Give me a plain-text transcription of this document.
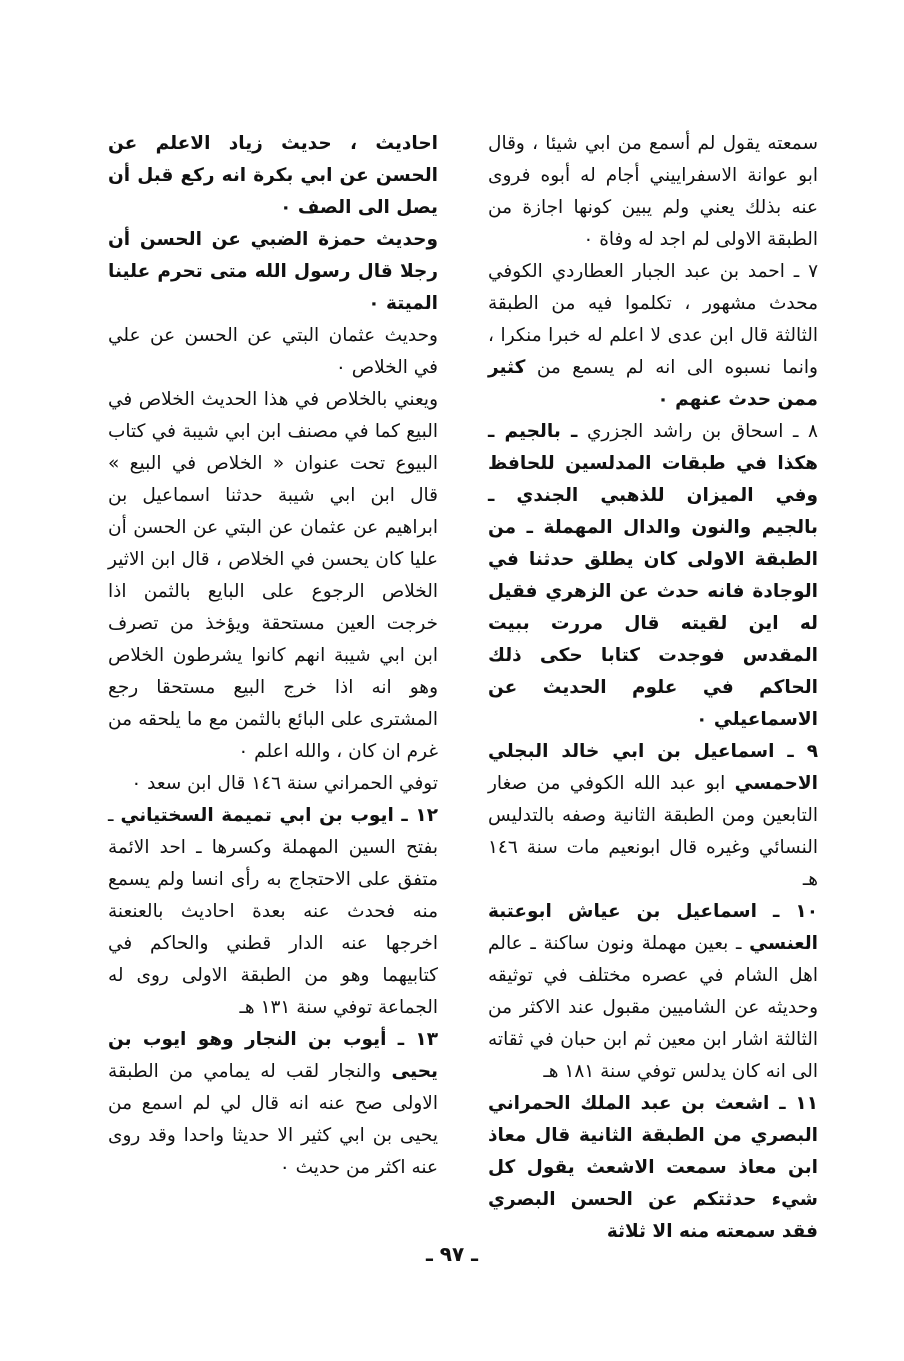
سمعته يقول لم أسمع من ابي شيئا ، وقال ابو عوانة الاسفراييني أجام له أبوه فروى عنه بذلك يعني ولم يبين كونها اجازة من الطبقة الاولى لم اجد له وفاة ٠

٧ ـ احمد بن عبد الجبار العطاردي الكوفي محدث مشهور ، تكلموا فيه من الطبقة الثالثة قال ابن عدى لا اعلم له خبرا منكرا ، وانما نسبوه الى انه لم يسمع من كثير ممن حدث عنهم ٠

٨ ـ اسحاق بن راشد الجزري ـ بالجيم ـ هكذا في طبقات المدلسين للحافظ وفي الميزان للذهبي الجندي ـ بالجيم والنون والدال المهملة ـ من الطبقة الاولى كان يطلق حدثنا في الوجادة فانه حدث عن الزهري فقيل له اين لقيته قال مررت ببيت المقدس فوجدت كتابا حكى ذلك الحاكم في علوم الحديث عن الاسماعيلي ٠

٩ ـ اسماعيل بن ابي خالد البجلي الاحمسي ابو عبد الله الكوفي من صغار التابعين ومن الطبقة الثانية وصفه بالتدليس النسائي وغيره قال ابونعيم مات سنة ١٤٦ هـ

١٠ ـ اسماعيل بن عياش ابوعتبة العنسي ـ بعين مهملة ونون ساكنة ـ عالم اهل الشام في عصره مختلف في توثيقه وحديثه عن الشاميين مقبول عند الاكثر من الثالثة اشار ابن معين ثم ابن حبان في ثقاته الى انه كان يدلس توفي سنة ١٨١ هـ

١١ ـ اشعث بن عبد الملك الحمراني البصري من الطبقة الثانية قال معاذ ابن معاذ سمعت الاشعث يقول كل شيء حدثتكم عن الحسن البصري فقد سمعته منه الا ثلاثة

احاديث ، حديث زياد الاعلم عن الحسن عن ابي بكرة انه ركع قبل أن يصل الى الصف ٠

وحديث حمزة الضبي عن الحسن أن رجلا قال رسول الله متى تحرم علينا الميتة ٠

وحديث عثمان البتي عن الحسن عن علي في الخلاص ٠

ويعني بالخلاص في هذا الحديث الخلاص في البيع كما في مصنف ابن ابي شيبة في كتاب البيوع تحت عنوان « الخلاص في البيع » قال ابن ابي شيبة حدثنا اسماعيل بن ابراهيم عن عثمان عن البتي عن الحسن أن عليا كان يحسن في الخلاص ، قال ابن الاثير الخلاص الرجوع على البايع بالثمن اذا خرجت العين مستحقة ويؤخذ من تصرف ابن ابي شيبة انهم كانوا يشرطون الخلاص وهو انه اذا خرج البيع مستحقا رجع المشترى على البائع بالثمن مع ما يلحقه من غرم ان كان ، والله اعلم ٠

توفي الحمراني سنة ١٤٦ قال ابن سعد ٠

١٢ ـ ايوب بن ابي تميمة السختياني ـ بفتح السين المهملة وكسرها ـ احد الائمة متفق على الاحتجاج به رأى انسا ولم يسمع منه فحدث عنه بعدة احاديث بالعنعنة اخرجها عنه الدار قطني والحاكم في كتابيهما وهو من الطبقة الاولى روى له الجماعة توفي سنة ١٣١ هـ

١٣ ـ أيوب بن النجار وهو ايوب بن يحيى والنجار لقب له يمامي من الطبقة الاولى صح عنه انه قال لي لم اسمع من يحيى بن ابي كثير الا حديثا واحدا وقد روى عنه اكثر من حديث ٠

ـ ٩٧ ـ
